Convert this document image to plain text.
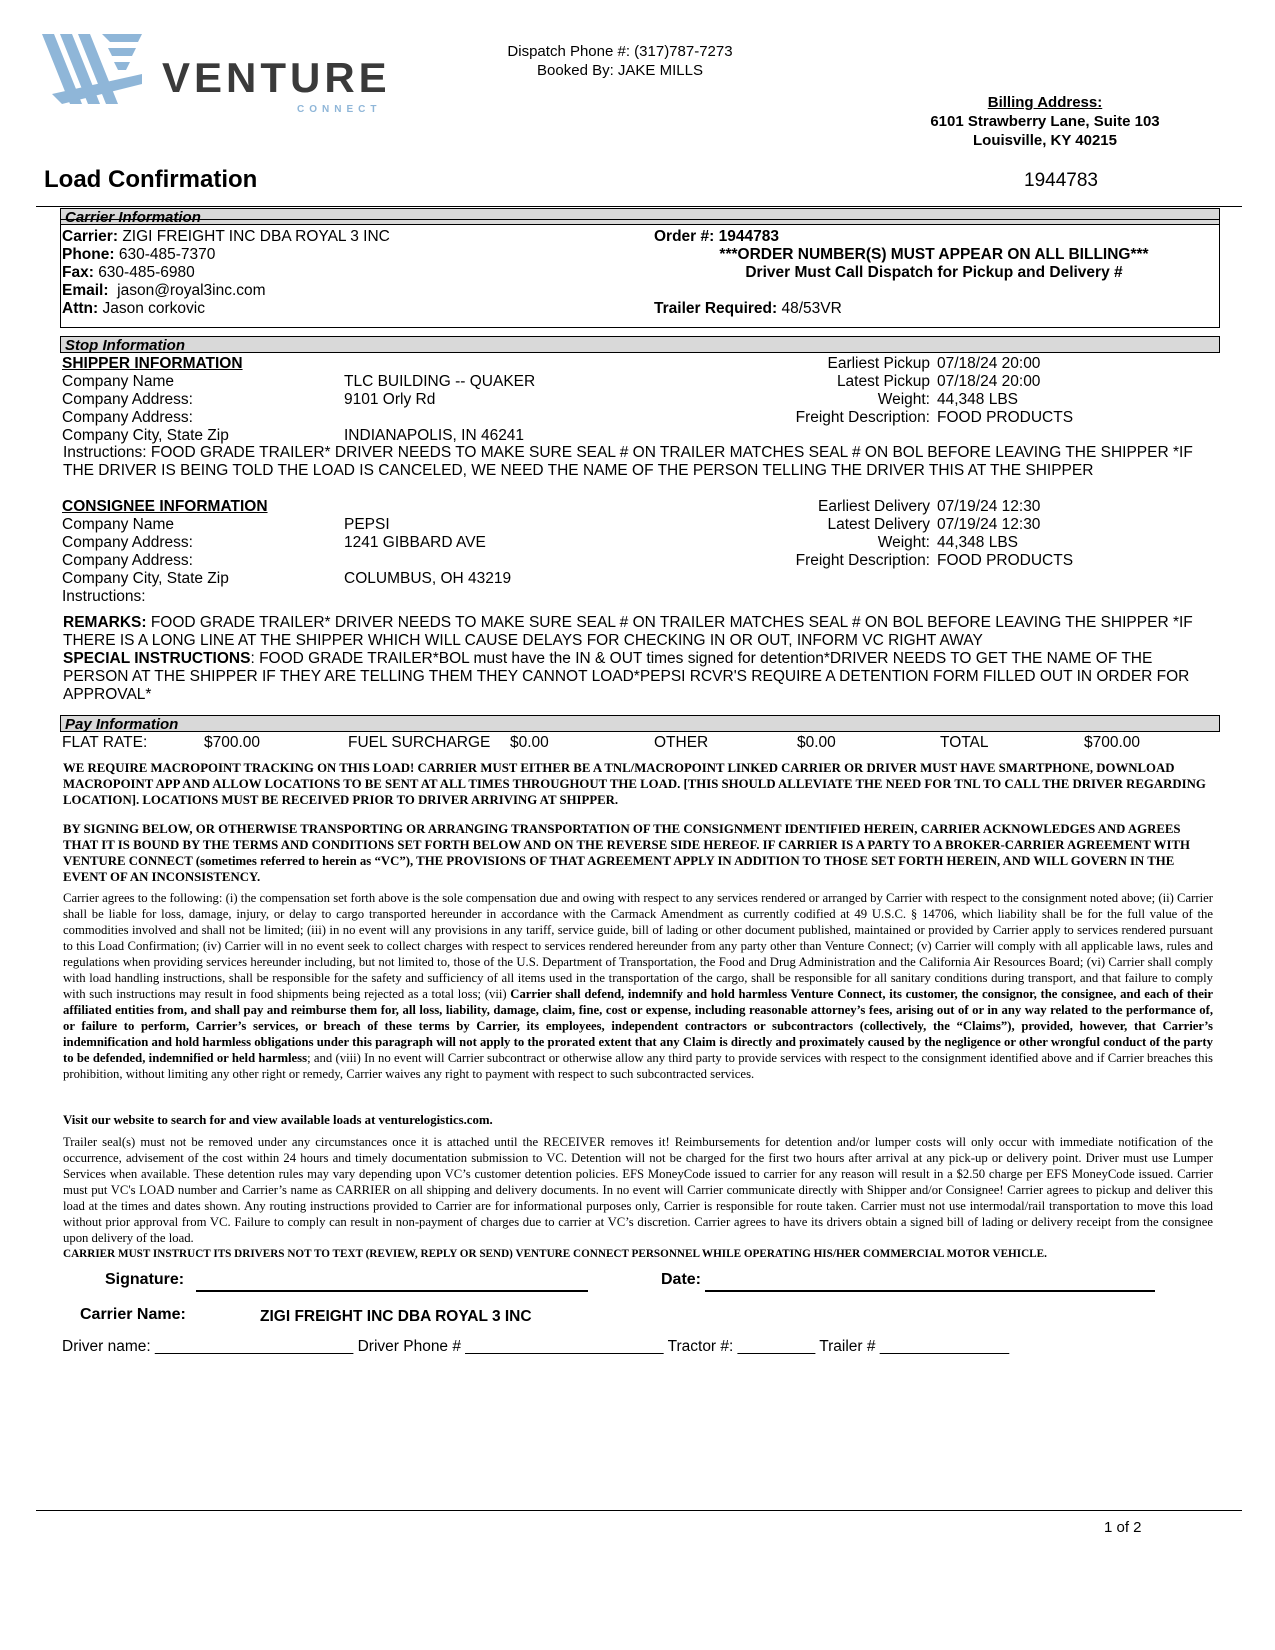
VENTURE
CONNECT
Dispatch Phone #: (317)787-7273
Booked By: JAKE MILLS
Billing Address:
6101 Strawberry Lane, Suite 103
Louisville, KY 40215
Load Confirmation	1944783
Carrier Information
Carrier: ZIGI FREIGHT INC DBA ROYAL 3 INC
Phone: 630-485-7370
Fax: 630-485-6980
Email: jason@royal3inc.com
Attn: Jason corkovic
Order #: 1944783
***ORDER NUMBER(S) MUST APPEAR ON ALL BILLING***
Driver Must Call Dispatch for Pickup and Delivery #
Trailer Required: 48/53VR
Stop Information
SHIPPER INFORMATION
Company Name	TLC BUILDING -- QUAKER
Company Address:	9101 Orly Rd
Company Address:
Company City, State Zip	INDIANAPOLIS, IN 46241
Earliest Pickup 07/18/24 20:00
Latest Pickup 07/18/24 20:00
Weight: 44,348 LBS
Freight Description: FOOD PRODUCTS
Instructions: FOOD GRADE TRAILER* DRIVER NEEDS TO MAKE SURE SEAL # ON TRAILER MATCHES SEAL # ON BOL BEFORE LEAVING THE SHIPPER *IF THE DRIVER IS BEING TOLD THE LOAD IS CANCELED, WE NEED THE NAME OF THE PERSON TELLING THE DRIVER THIS AT THE SHIPPER
CONSIGNEE INFORMATION
Company Name	PEPSI
Company Address:	1241 GIBBARD AVE
Company Address:
Company City, State Zip	COLUMBUS, OH 43219
Instructions:
Earliest Delivery 07/19/24 12:30
Latest Delivery 07/19/24 12:30
Weight: 44,348 LBS
Freight Description: FOOD PRODUCTS
REMARKS: FOOD GRADE TRAILER* DRIVER NEEDS TO MAKE SURE SEAL # ON TRAILER MATCHES SEAL # ON BOL BEFORE LEAVING THE SHIPPER *IF THERE IS A LONG LINE AT THE SHIPPER WHICH WILL CAUSE DELAYS FOR CHECKING IN OR OUT, INFORM VC RIGHT AWAY
SPECIAL INSTRUCTIONS: FOOD GRADE TRAILER*BOL must have the IN & OUT times signed for detention*DRIVER NEEDS TO GET THE NAME OF THE PERSON AT THE SHIPPER IF THEY ARE TELLING THEM THEY CANNOT LOAD*PEPSI RCVR'S REQUIRE A DETENTION FORM FILLED OUT IN ORDER FOR APPROVAL*
Pay Information
FLAT RATE:	$700.00	FUEL SURCHARGE $0.00	OTHER	$0.00	TOTAL	$700.00
WE REQUIRE MACROPOINT TRACKING ON THIS LOAD! CARRIER MUST EITHER BE A TNL/MACROPOINT LINKED CARRIER OR DRIVER MUST HAVE SMARTPHONE, DOWNLOAD MACROPOINT APP AND ALLOW LOCATIONS TO BE SENT AT ALL TIMES THROUGHOUT THE LOAD. [THIS SHOULD ALLEVIATE THE NEED FOR TNL TO CALL THE DRIVER REGARDING LOCATION]. LOCATIONS MUST BE RECEIVED PRIOR TO DRIVER ARRIVING AT SHIPPER.
BY SIGNING BELOW, OR OTHERWISE TRANSPORTING OR ARRANGING TRANSPORTATION OF THE CONSIGNMENT IDENTIFIED HEREIN, CARRIER ACKNOWLEDGES AND AGREES THAT IT IS BOUND BY THE TERMS AND CONDITIONS SET FORTH BELOW AND ON THE REVERSE SIDE HEREOF. IF CARRIER IS A PARTY TO A BROKER-CARRIER AGREEMENT WITH VENTURE CONNECT (sometimes referred to herein as “VC”), THE PROVISIONS OF THAT AGREEMENT APPLY IN ADDITION TO THOSE SET FORTH HEREIN, AND WILL GOVERN IN THE EVENT OF AN INCONSISTENCY.
Carrier agrees to the following: (i) the compensation set forth above is the sole compensation due and owing with respect to any services rendered or arranged by Carrier with respect to the consignment noted above; (ii) Carrier shall be liable for loss, damage, injury, or delay to cargo transported hereunder in accordance with the Carmack Amendment as currently codified at 49 U.S.C. § 14706, which liability shall be for the full value of the commodities involved and shall not be limited; (iii) in no event will any provisions in any tariff, service guide, bill of lading or other document published, maintained or provided by Carrier apply to services rendered pursuant to this Load Confirmation; (iv) Carrier will in no event seek to collect charges with respect to services rendered hereunder from any party other than Venture Connect; (v) Carrier will comply with all applicable laws, rules and regulations when providing services hereunder including, but not limited to, those of the U.S. Department of Transportation, the Food and Drug Administration and the California Air Resources Board; (vi) Carrier shall comply with load handling instructions, shall be responsible for the safety and sufficiency of all items used in the transportation of the cargo, shall be responsible for all sanitary conditions during transport, and that failure to comply with such instructions may result in food shipments being rejected as a total loss; (vii) Carrier shall defend, indemnify and hold harmless Venture Connect, its customer, the consignor, the consignee, and each of their affiliated entities from, and shall pay and reimburse them for, all loss, liability, damage, claim, fine, cost or expense, including reasonable attorney’s fees, arising out of or in any way related to the performance of, or failure to perform, Carrier’s services, or breach of these terms by Carrier, its employees, independent contractors or subcontractors (collectively, the “Claims”), provided, however, that Carrier’s indemnification and hold harmless obligations under this paragraph will not apply to the prorated extent that any Claim is directly and proximately caused by the negligence or other wrongful conduct of the party to be defended, indemnified or held harmless; and (viii) In no event will Carrier subcontract or otherwise allow any third party to provide services with respect to the consignment identified above and if Carrier breaches this prohibition, without limiting any other right or remedy, Carrier waives any right to payment with respect to such subcontracted services.
Visit our website to search for and view available loads at venturelogistics.com.
Trailer seal(s) must not be removed under any circumstances once it is attached until the RECEIVER removes it! Reimbursements for detention and/or lumper costs will only occur with immediate notification of the occurrence, advisement of the cost within 24 hours and timely documentation submission to VC. Detention will not be charged for the first two hours after arrival at any pick-up or delivery point. Driver must use Lumper Services when available. These detention rules may vary depending upon VC’s customer detention policies. EFS MoneyCode issued to carrier for any reason will result in a $2.50 charge per EFS MoneyCode issued. Carrier must put VC's LOAD number and Carrier’s name as CARRIER on all shipping and delivery documents. In no event will Carrier communicate directly with Shipper and/or Consignee! Carrier agrees to pickup and deliver this load at the times and dates shown. Any routing instructions provided to Carrier are for informational purposes only, Carrier is responsible for route taken. Carrier must not use intermodal/rail transportation to move this load without prior approval from VC. Failure to comply can result in non-payment of charges due to carrier at VC’s discretion. Carrier agrees to have its drivers obtain a signed bill of lading or delivery receipt from the consignee upon delivery of the load.
CARRIER MUST INSTRUCT ITS DRIVERS NOT TO TEXT (REVIEW, REPLY OR SEND) VENTURE CONNECT PERSONNEL WHILE OPERATING HIS/HER COMMERCIAL MOTOR VEHICLE.
Signature:	Date:
Carrier Name:	ZIGI FREIGHT INC DBA ROYAL 3 INC
Driver name: _______________________ Driver Phone # _______________________ Tractor #: _________ Trailer # _______________
1 of 2
